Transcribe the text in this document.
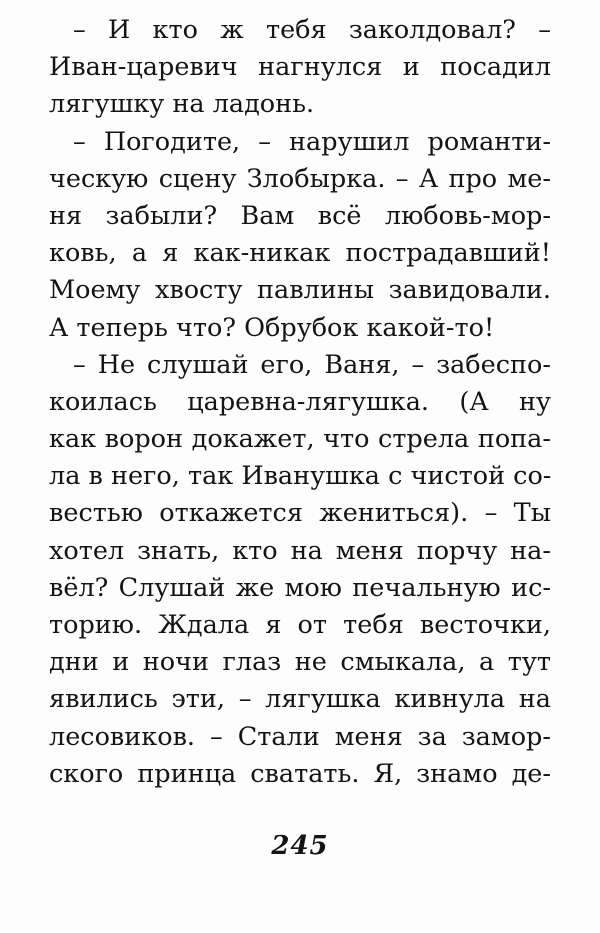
– И кто ж тебя заколдовал? –
Иван-царевич нагнулся и посадил
лягушку на ладонь.
– Погодите, – нарушил романти-
ческую сцену Злобырка. – А про ме-
ня забыли? Вам всё любовь-мор-
ковь, а я как-никак пострадавший!
Моему хвосту павлины завидовали.
А теперь что? Обрубок какой-то!
– Не слушай его, Ваня, – забеспо-
коилась царевна-лягушка. (А ну
как ворон докажет, что стрела попа-
ла в него, так Иванушка с чистой со-
вестью откажется жениться). – Ты
хотел знать, кто на меня порчу на-
вёл? Слушай же мою печальную ис-
торию. Ждала я от тебя весточки,
дни и ночи глаз не смыкала, а тут
явились эти, – лягушка кивнула на
лесовиков. – Стали меня за замор-
ского принца сватать. Я, знамо де-
245
